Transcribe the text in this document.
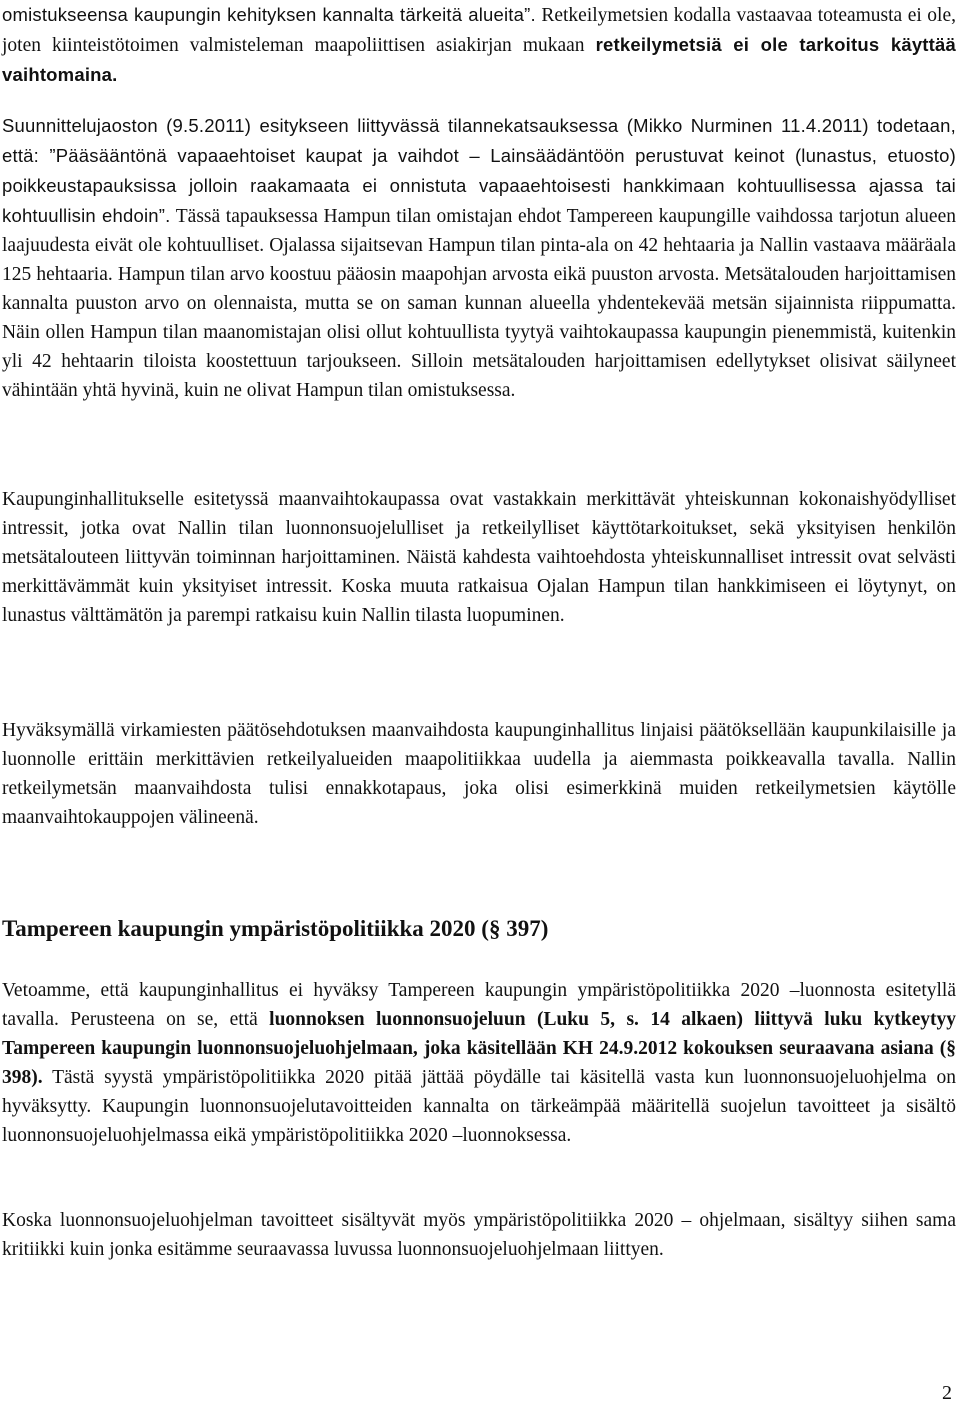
omistukseensa kaupungin kehityksen kannalta tärkeitä alueita”. Retkeilymetsien kodalla vastaavaa toteamusta ei ole, joten kiinteistötoimen valmisteleman maapoliittisen asiakirjan mukaan retkeilymetsiä ei ole tarkoitus käyttää vaihtomaina.

Suunnittelujaoston (9.5.2011) esitykseen liittyvässä tilannekatsauksessa (Mikko Nurminen 11.4.2011) todetaan, että: ”Pääsääntönä vapaaehtoiset kaupat ja vaihdot – Lainsäädäntöön perustuvat keinot (lunastus, etuosto) poikkeustapauksissa jolloin raakamaata ei onnistuta vapaaehtoisesti hankkimaan kohtuullisessa ajassa tai kohtuullisin ehdoin”. Tässä tapauksessa Hampun tilan omistajan ehdot Tampereen kaupungille vaihdossa tarjotun alueen laajuudesta eivät ole kohtuulliset. Ojalassa sijaitsevan Hampun tilan pinta-ala on 42 hehtaaria ja Nallin vastaava määräala 125 hehtaaria. Hampun tilan arvo koostuu pääosin maapohjan arvosta eikä puuston arvosta. Metsätalouden harjoittamisen kannalta puuston arvo on olennaista, mutta se on saman kunnan alueella yhdentekevää metsän sijainnista riippumatta. Näin ollen Hampun tilan maanomistajan olisi ollut kohtuullista tyytyä vaihtokaupassa kaupungin pienemmistä, kuitenkin yli 42 hehtaarin tiloista koostettuun tarjoukseen. Silloin metsätalouden harjoittamisen edellytykset olisivat säilyneet vähintään yhtä hyvinä, kuin ne olivat Hampun tilan omistuksessa.

Kaupunginhallitukselle esitetyssä maanvaihtokaupassa ovat vastakkain merkittävät yhteiskunnan kokonaishyödylliset intressit, jotka ovat Nallin tilan luonnonsuojelulliset ja retkeilylliset käyttötarkoitukset, sekä yksityisen henkilön metsätalouteen liittyvän toiminnan harjoittaminen. Näistä kahdesta vaihtoehdosta yhteiskunnalliset intressit ovat selvästi merkittävämmät kuin yksityiset intressit. Koska muuta ratkaisua Ojalan Hampun tilan hankkimiseen ei löytynyt, on lunastus välttämätön ja parempi ratkaisu kuin Nallin tilasta luopuminen.

Hyväksymällä virkamiesten päätösehdotuksen maanvaihdosta kaupunginhallitus linjaisi päätöksellään kaupunkilaisille ja luonnolle erittäin merkittävien retkeilyalueiden maapolitiikkaa uudella ja aiemmasta poikkeavalla tavalla. Nallin retkeilymetsän maanvaihdosta tulisi ennakkotapaus, joka olisi esimerkkinä muiden retkeilymetsien käytölle maanvaihtokauppojen välineenä.

Tampereen kaupungin ympäristöpolitiikka 2020 (§ 397)

Vetoamme, että kaupunginhallitus ei hyväksy Tampereen kaupungin ympäristöpolitiikka 2020 –luonnosta esitetyllä tavalla. Perusteena on se, että luonnoksen luonnonsuojeluun (Luku 5, s. 14 alkaen) liittyvä luku kytkeytyy Tampereen kaupungin luonnonsuojeluohjelmaan, joka käsitellään KH 24.9.2012 kokouksen seuraavana asiana (§ 398). Tästä syystä ympäristöpolitiikka 2020 pitää jättää pöydälle tai käsitellä vasta kun luonnonsuojeluohjelma on hyväksytty. Kaupungin luonnonsuojelutavoitteiden kannalta on tärkeämpää määritellä suojelun tavoitteet ja sisältö luonnonsuojeluohjelmassa eikä ympäristöpolitiikka 2020 –luonnoksessa.

Koska luonnonsuojeluohjelman tavoitteet sisältyvät myös ympäristöpolitiikka 2020 – ohjelmaan, sisältyy siihen sama kritiikki kuin jonka esitämme seuraavassa luvussa luonnonsuojeluohjelmaan liittyen.

2
